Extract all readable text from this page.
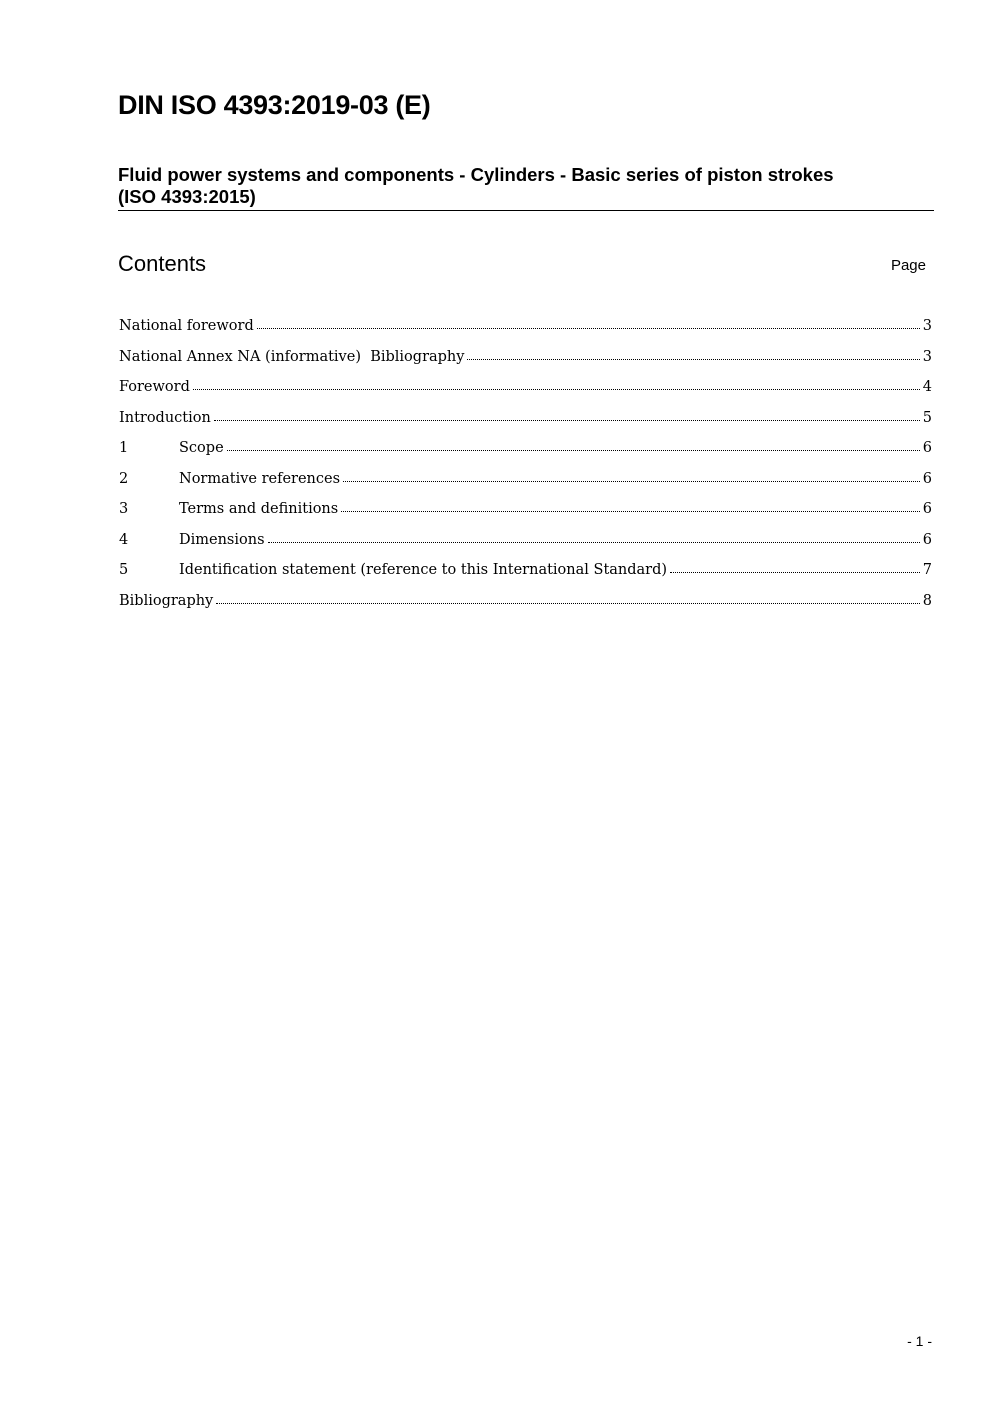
DIN ISO 4393:2019-03 (E)
Fluid power systems and components - Cylinders - Basic series of piston strokes
(ISO 4393:2015)
Contents	Page
National foreword	3
National Annex NA (informative)  Bibliography	3
Foreword	4
Introduction	5
1	Scope	6
2	Normative references	6
3	Terms and definitions	6
4	Dimensions	6
5	Identification statement (reference to this International Standard)	7
Bibliography	8
- 1 -
